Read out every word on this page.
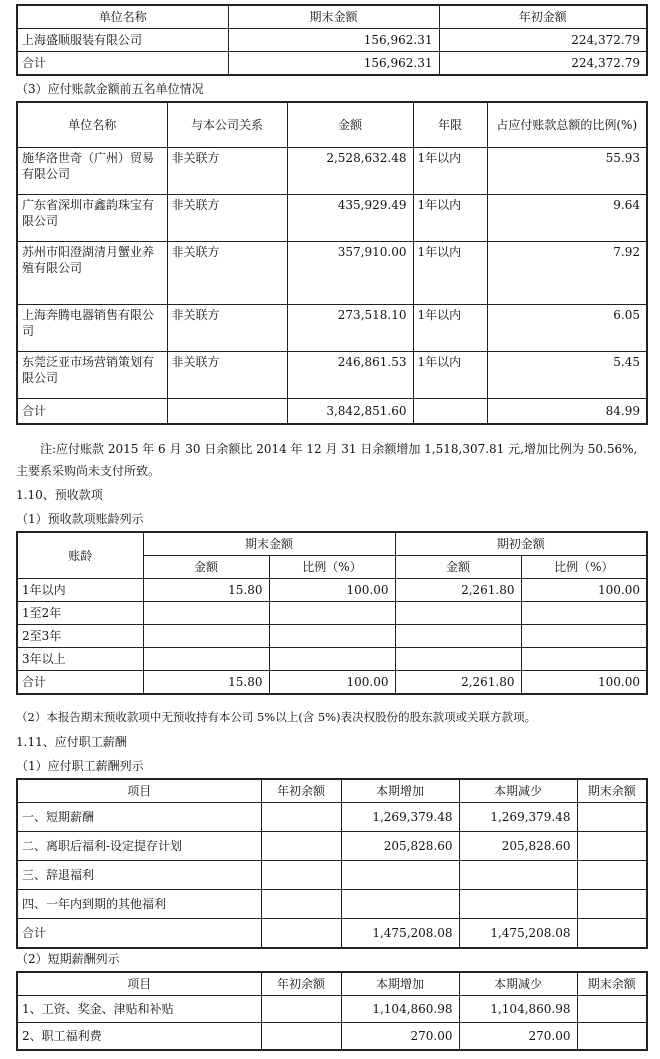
单位名称	期末金额	年初金额
上海盛顺服装有限公司	156,962.31	224,372.79
合计	156,962.31	224,372.79
（3）应付账款金额前五名单位情况
单位名称	与本公司关系	金额	年限	占应付账款总额的比例(%)
施华洛世奇（广州）贸易有限公司	非关联方	2,528,632.48	1年以内	55.93
广东省深圳市鑫韵珠宝有限公司	非关联方	435,929.49	1年以内	9.64
苏州市阳澄湖清月蟹业养殖有限公司	非关联方	357,910.00	1年以内	7.92
上海奔腾电器销售有限公司	非关联方	273,518.10	1年以内	6.05
东莞泛亚市场营销策划有限公司	非关联方	246,861.53	1年以内	5.45
合计		3,842,851.60		84.99
注:应付账款 2015 年 6 月 30 日余额比 2014 年 12 月 31 日余额增加 1,518,307.81 元,增加比例为 50.56%, 主要系采购尚未支付所致。
1.10、预收款项
（1）预收款项账龄列示
账龄	期末金额		期初金额	
	金额	比例（%）	金额	比例（%）
1年以内	15.80	100.00	2,261.80	100.00
1至2年				
2至3年				
3年以上				
合计	15.80	100.00	2,261.80	100.00
（2）本报告期末预收款项中无预收持有本公司 5%以上(含 5%)表决权股份的股东款项或关联方款项。
1.11、应付职工薪酬
（1）应付职工薪酬列示
项目	年初余额	本期增加	本期减少	期末余额
一、短期薪酬		1,269,379.48	1,269,379.48	
二、离职后福利-设定提存计划		205,828.60	205,828.60	
三、辞退福利				
四、一年内到期的其他福利				
合计		1,475,208.08	1,475,208.08	
（2）短期薪酬列示
项目	年初余额	本期增加	本期减少	期末余额
1、工资、奖金、津贴和补贴		1,104,860.98	1,104,860.98	
2、职工福利费		270.00	270.00	
